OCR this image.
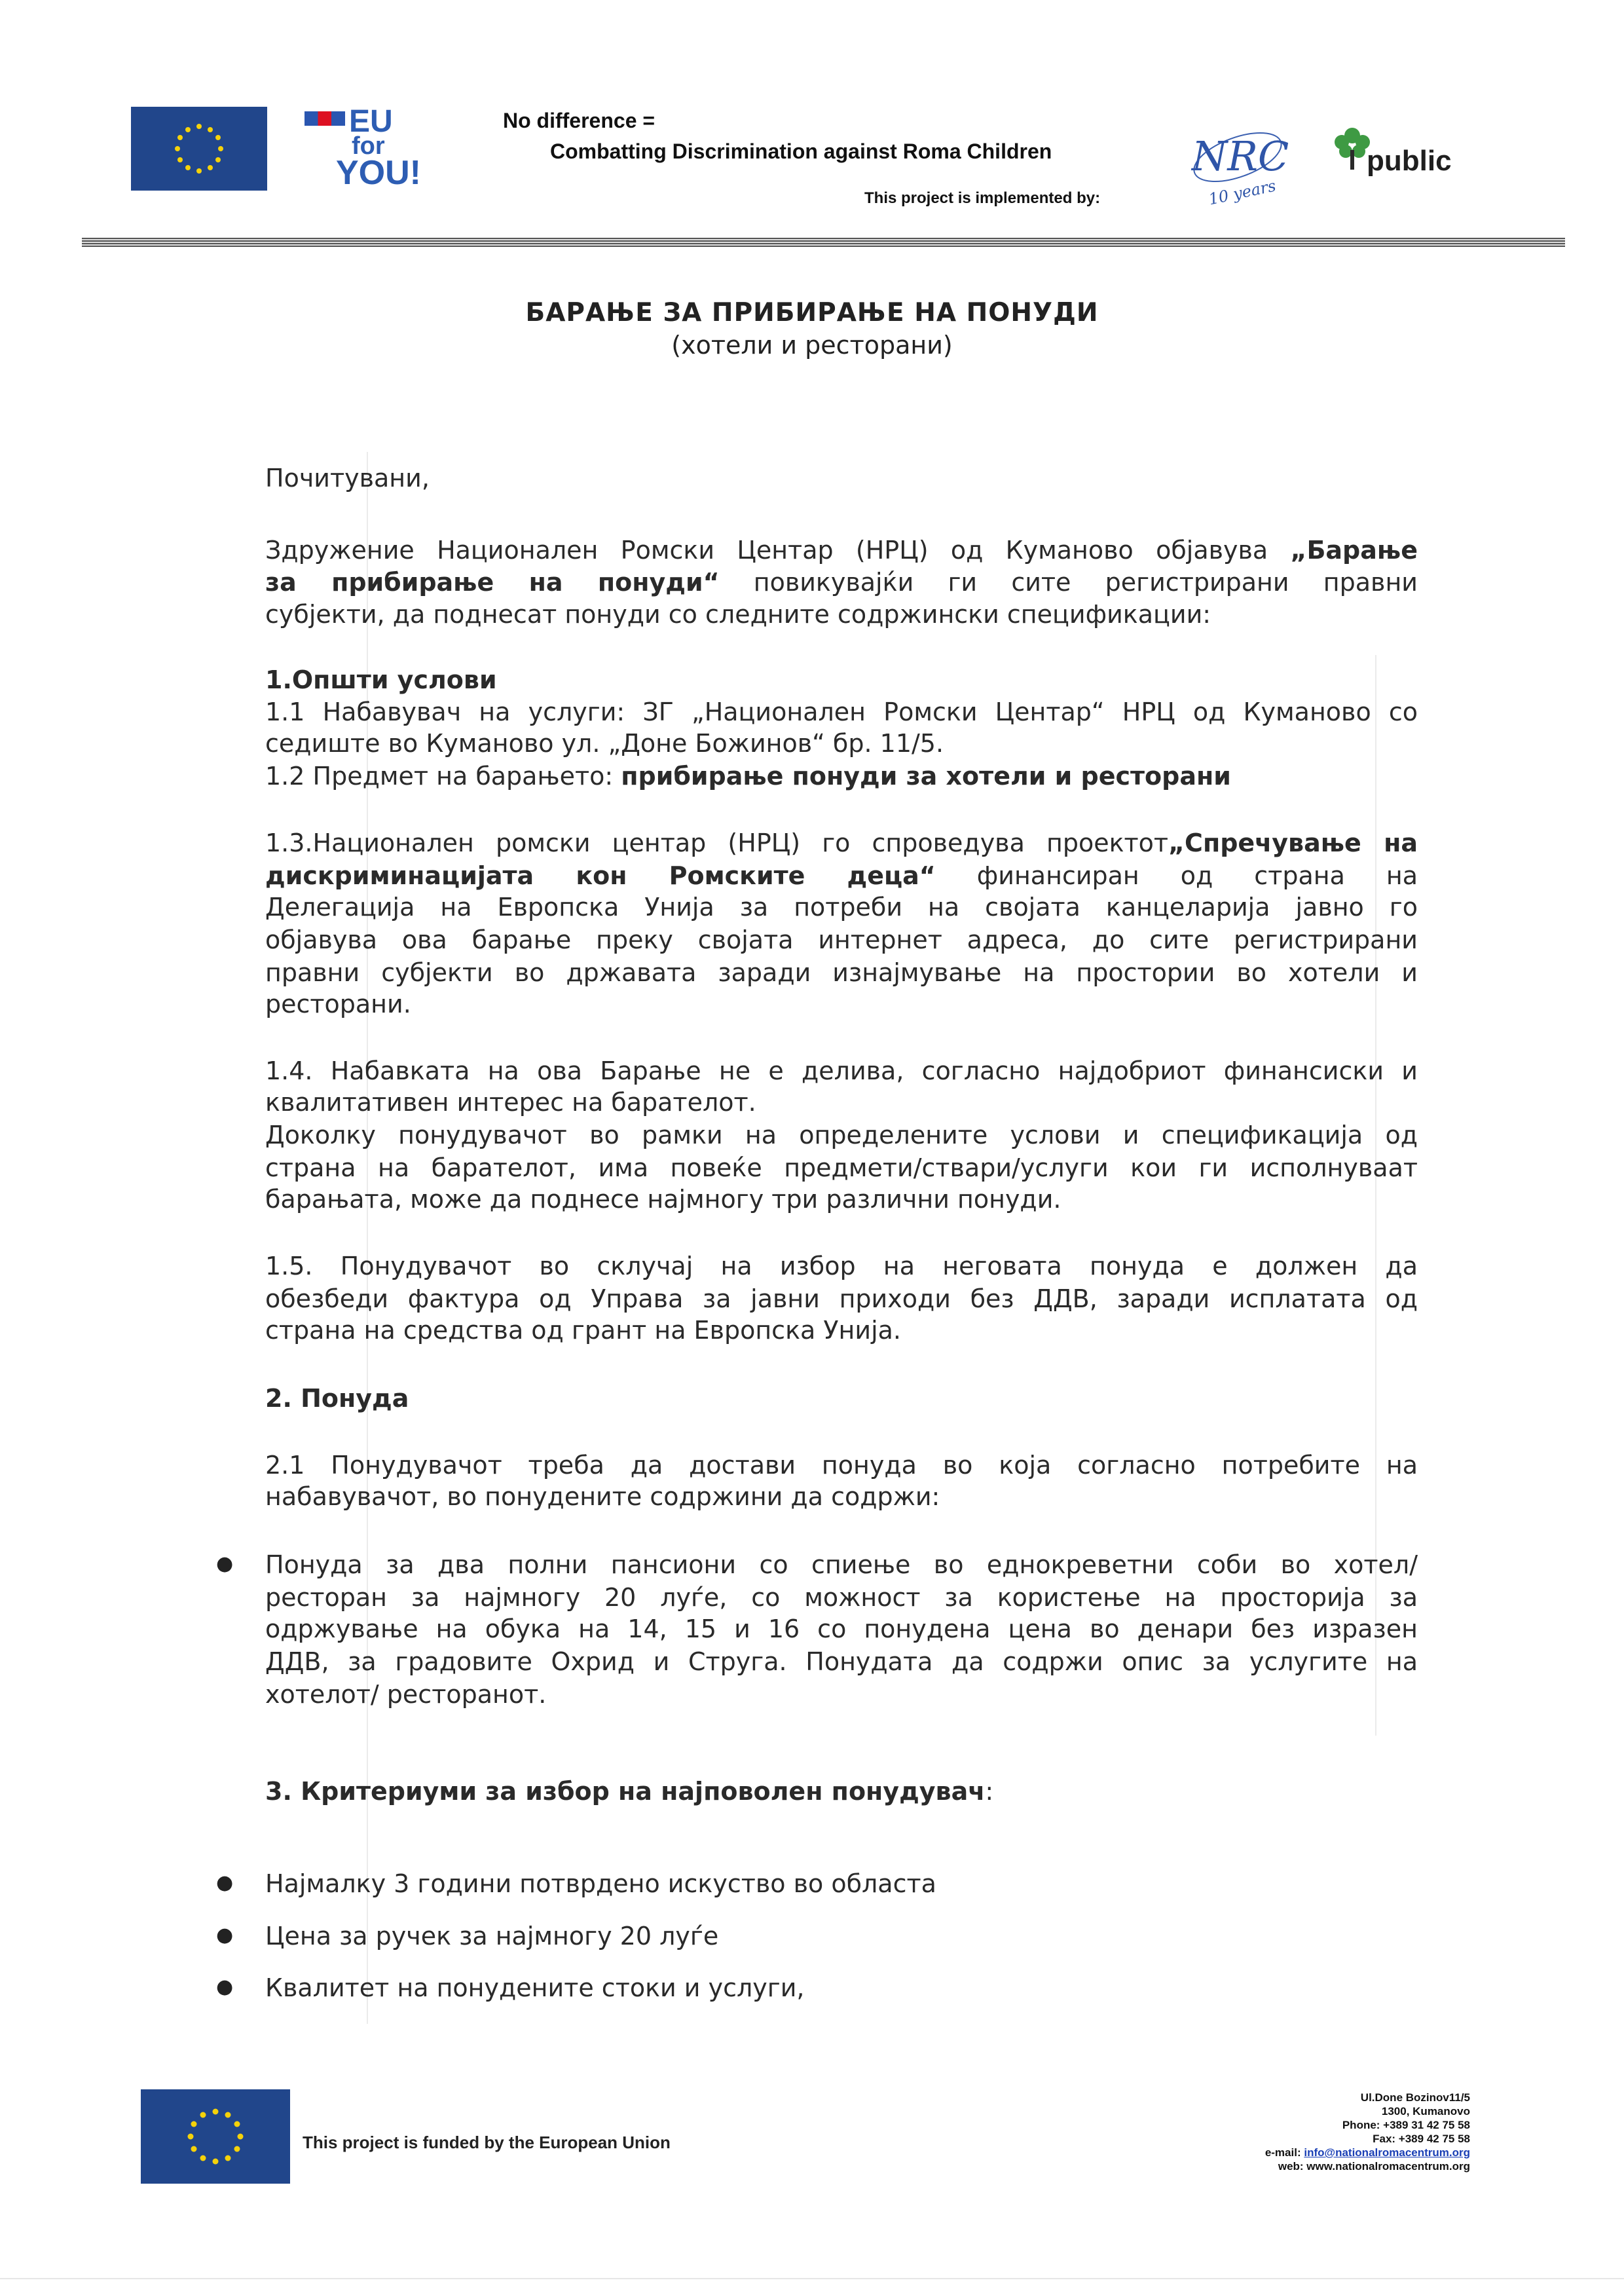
EU
for
YOU!
No difference =
Combatting Discrimination against Roma Children
This project is implemented by:
NRC
10 years
public
БАРАЊЕ ЗА ПРИБИРАЊЕ НА ПОНУДИ
(хотели и ресторани)
Почитувани,
Здружение Национален Ромски Центар (НРЦ) од Куманово објавува „Барање
за прибирање на понуди“ повикувајќи ги сите регистрирани правни
субјекти, да поднесат понуди со следните содржински спецификации:
1.Општи услови
1.1 Набавувач на услуги: ЗГ „Национален Ромски Центар“ НРЦ од Куманово со
седиште во Куманово ул. „Доне Божинов“ бр. 11/5.
1.2 Предмет на барањето: прибирање понуди за хотели и ресторани
1.3.Национален ромски центар (НРЦ) го спроведува проектот„Спречување на
дискриминацијата кон Ромските деца“ финансиран од страна на
Делегација на Европска Унија за потреби на својата канцеларија јавно го
објавува ова барање преку својата интернет адреса, до сите регистрирани
правни субјекти во државата заради изнајмување на простории во хотели и
ресторани.
1.4. Набавката на ова Барање не е делива, согласно најдобриот финансиски и
квалитативен интерес на барателот.
Доколку понудувачот во рамки на определените услови и спецификација од
страна на барателот, има повеќе предмети/ствари/услуги кои ги исполнуваат
барањата, може да поднесе најмногу три различни понуди.
1.5. Понудувачот во склучај на избор на неговата понуда е должен да
обезбеди фактура од Управа за јавни приходи без ДДВ, заради исплатата од
страна на средства од грант на Европска Унија.
2. Понуда
2.1 Понудувачот треба да достави понуда во која согласно потребите на
набавувачот, во понудените содржини да содржи:
● Понуда за два полни пансиони со спиење во еднокреветни соби во хотел/
ресторан за најмногу 20 луѓе, со можност за користење на просторија за
одржување на обука на 14, 15 и 16 со понудена цена во денари без изразен
ДДВ, за градовите Охрид и Струга. Понудата да содржи опис за услугите на
хотелот/ ресторанот.
3. Критериуми за избор на најповолен понудувач:
● Најмалку 3 години потврдено искуство во областа
● Цена за ручек за најмногу 20 луѓе
● Квалитет на понудените стоки и услуги,
This project is funded by the European Union
Ul.Done Bozinov11/5
1300, Kumanovo
Phone: +389 31 42 75 58
Fax: +389 42 75 58
e-mail: info@nationalromacentrum.org
web: www.nationalromacentrum.org
